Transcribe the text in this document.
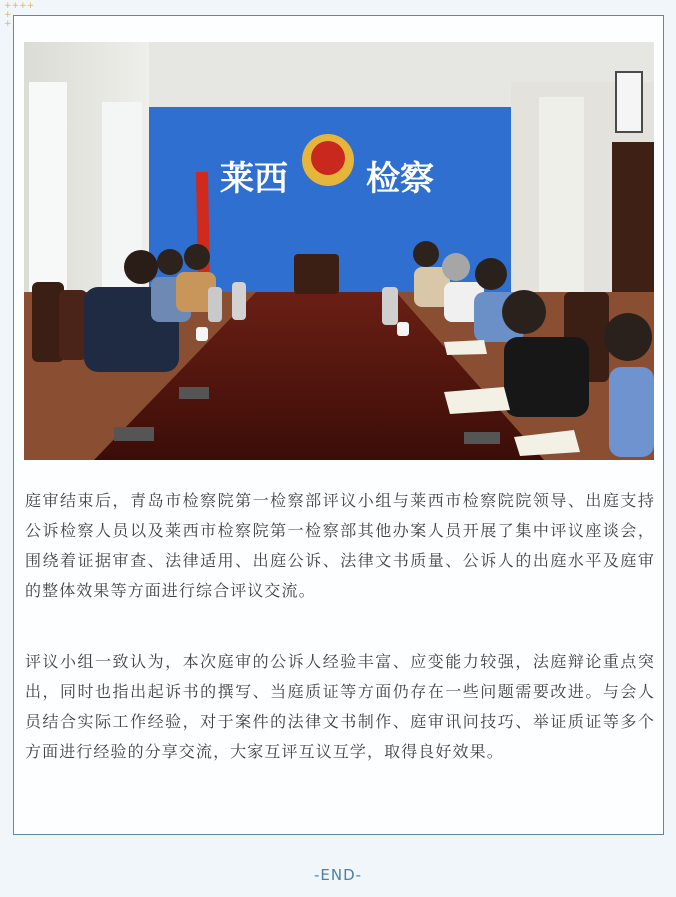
++++
+
+
莱西 检察

庭审结束后，青岛市检察院第一检察部评议小组与莱西市检察院院领导、出庭支持公诉检察人员以及莱西市检察院第一检察部其他办案人员开展了集中评议座谈会，围绕着证据审查、法律适用、出庭公诉、法律文书质量、公诉人的出庭水平及庭审的整体效果等方面进行综合评议交流。

评议小组一致认为，本次庭审的公诉人经验丰富、应变能力较强，法庭辩论重点突出，同时也指出起诉书的撰写、当庭质证等方面仍存在一些问题需要改进。与会人员结合实际工作经验，对于案件的法律文书制作、庭审讯问技巧、举证质证等多个方面进行经验的分享交流，大家互评互议互学，取得良好效果。

-END-
